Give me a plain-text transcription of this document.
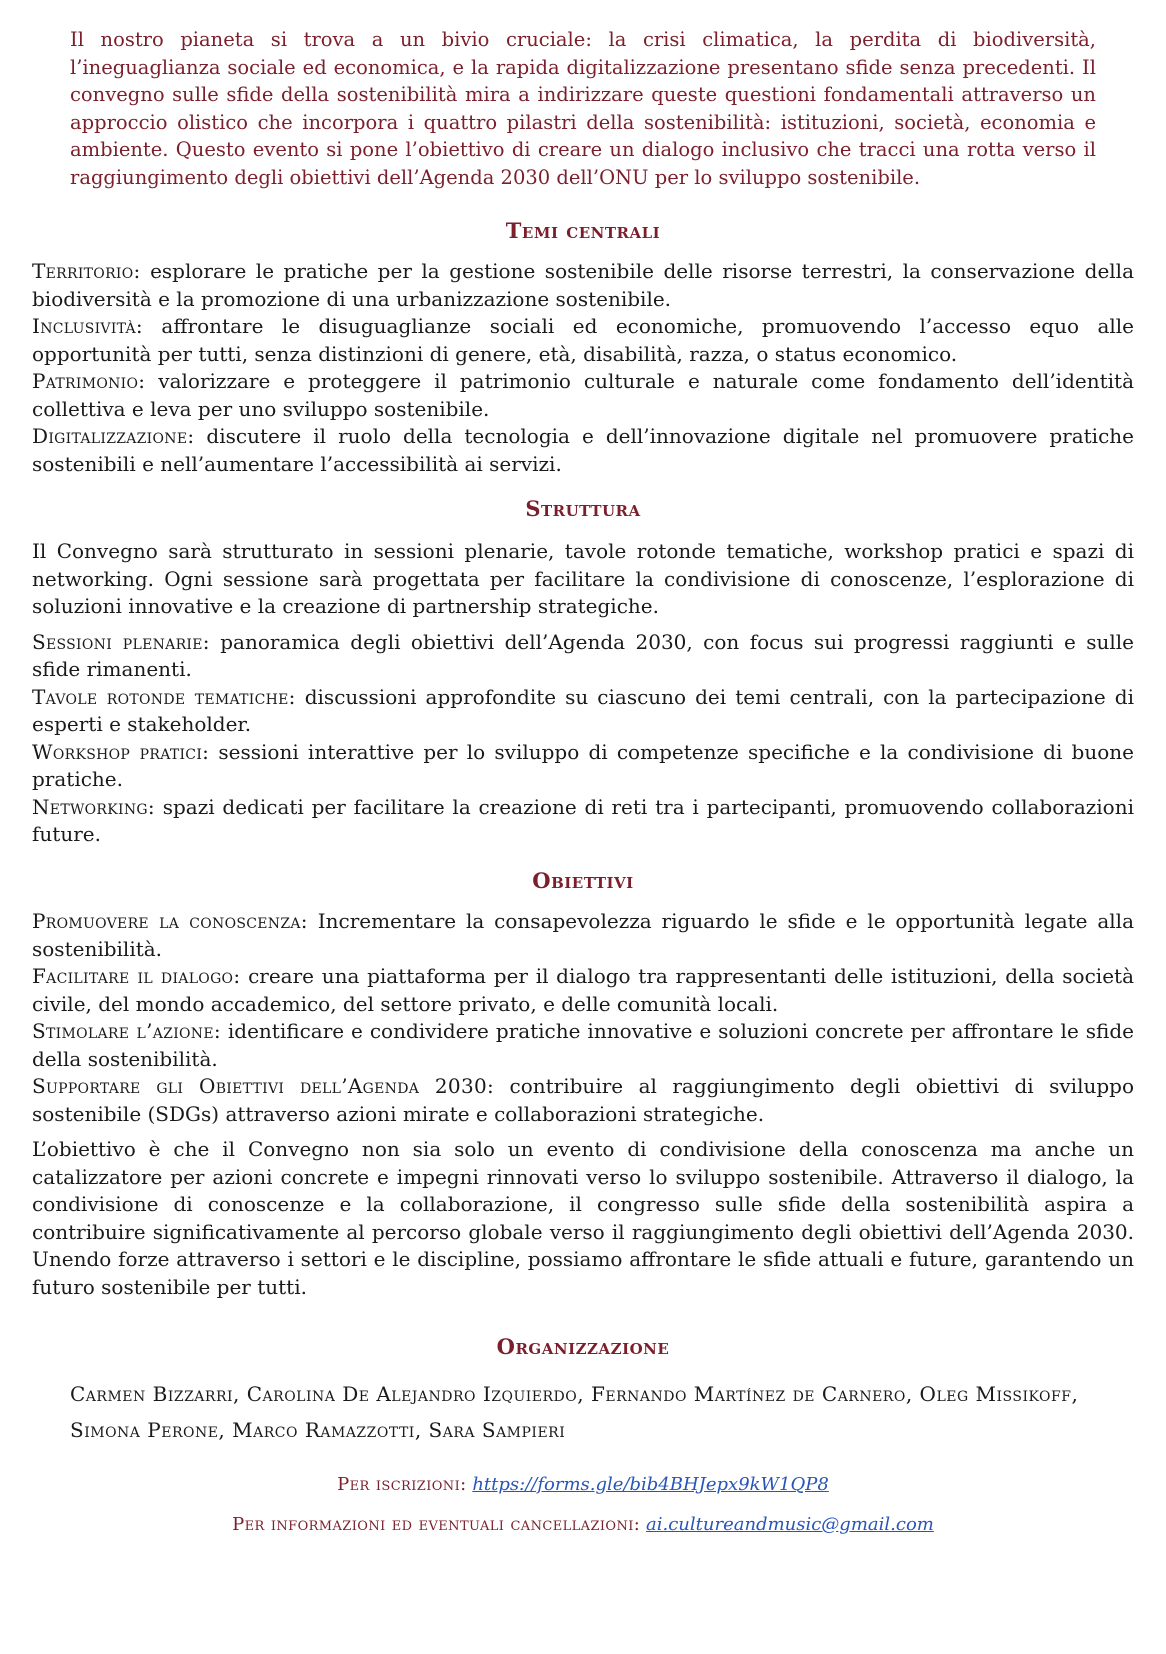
Il nostro pianeta si trova a un bivio cruciale: la crisi climatica, la perdita di biodiversità, l’ineguaglianza sociale ed economica, e la rapida digitalizzazione presentano sfide senza precedenti. Il convegno sulle sfide della sostenibilità mira a indirizzare queste questioni fondamentali attraverso un approccio olistico che incorpora i quattro pilastri della sostenibilità: istituzioni, società, economia e ambiente. Questo evento si pone l’obiettivo di creare un dialogo inclusivo che tracci una rotta verso il raggiungimento degli obiettivi dell’Agenda 2030 dell’ONU per lo sviluppo sostenibile.

Temi centrali

Territorio: esplorare le pratiche per la gestione sostenibile delle risorse terrestri, la conservazione della biodiversità e la promozione di una urbanizzazione sostenibile.

Inclusività: affrontare le disuguaglianze sociali ed economiche, promuovendo l’accesso equo alle opportunità per tutti, senza distinzioni di genere, età, disabilità, razza, o status economico.

Patrimonio: valorizzare e proteggere il patrimonio culturale e naturale come fondamento dell’identità collettiva e leva per uno sviluppo sostenibile.

Digitalizzazione: discutere il ruolo della tecnologia e dell’innovazione digitale nel promuovere pratiche sostenibili e nell’aumentare l’accessibilità ai servizi.

Struttura

Il Convegno sarà strutturato in sessioni plenarie, tavole rotonde tematiche, workshop pratici e spazi di networking. Ogni sessione sarà progettata per facilitare la condivisione di conoscenze, l’esplorazione di soluzioni innovative e la creazione di partnership strategiche.

Sessioni plenarie: panoramica degli obiettivi dell’Agenda 2030, con focus sui progressi raggiunti e sulle sfide rimanenti.

Tavole rotonde tematiche: discussioni approfondite su ciascuno dei temi centrali, con la partecipazione di esperti e stakeholder.

Workshop pratici: sessioni interattive per lo sviluppo di competenze specifiche e la condivisione di buone pratiche.

Networking: spazi dedicati per facilitare la creazione di reti tra i partecipanti, promuovendo collaborazioni future.

Obiettivi

Promuovere la conoscenza: Incrementare la consapevolezza riguardo le sfide e le opportunità legate alla sostenibilità.

Facilitare il dialogo: creare una piattaforma per il dialogo tra rappresentanti delle istituzioni, della società civile, del mondo accademico, del settore privato, e delle comunità locali.

Stimolare l’azione: identificare e condividere pratiche innovative e soluzioni concrete per affrontare le sfide della sostenibilità.

Supportare gli Obiettivi dell’Agenda 2030: contribuire al raggiungimento degli obiettivi di sviluppo sostenibile (SDGs) attraverso azioni mirate e collaborazioni strategiche.

L’obiettivo è che il Convegno non sia solo un evento di condivisione della conoscenza ma anche un catalizzatore per azioni concrete e impegni rinnovati verso lo sviluppo sostenibile. Attraverso il dialogo, la condivisione di conoscenze e la collaborazione, il congresso sulle sfide della sostenibilità aspira a contribuire significativamente al percorso globale verso il raggiungimento degli obiettivi dell’Agenda 2030. Unendo forze attraverso i settori e le discipline, possiamo affrontare le sfide attuali e future, garantendo un futuro sostenibile per tutti.

Organizzazione
Carmen Bizzarri, Carolina De Alejandro Izquierdo, Fernando Martínez de Carnero, Oleg Missikoff, Simona Perone, Marco Ramazzotti, Sara Sampieri
Per iscrizioni: https://forms.gle/bib4BHJepx9kW1QP8
Per informazioni ed eventuali cancellazioni: ai.cultureandmusic@gmail.com
